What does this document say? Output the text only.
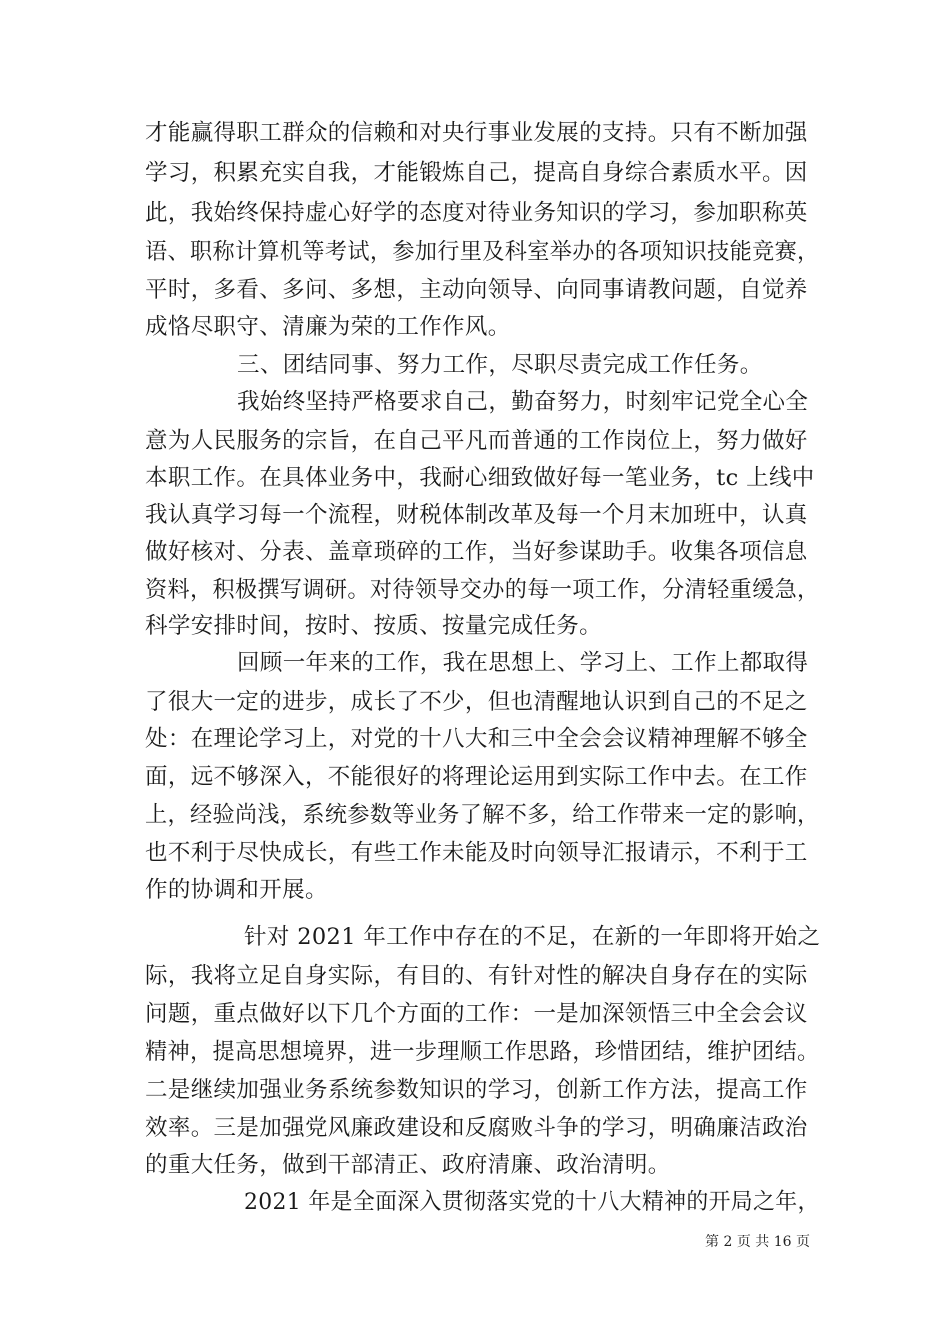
才能赢得职工群众的信赖和对央行事业发展的支持。只有不断加强
学习，积累充实自我，才能锻炼自己，提高自身综合素质水平。因
此，我始终保持虚心好学的态度对待业务知识的学习，参加职称英
语、职称计算机等考试，参加行里及科室举办的各项知识技能竞赛，
平时，多看、多问、多想，主动向领导、向同事请教问题，自觉养
成恪尽职守、清廉为荣的工作作风。
三、团结同事、努力工作，尽职尽责完成工作任务。
我始终坚持严格要求自己，勤奋努力，时刻牢记党全心全
意为人民服务的宗旨，在自己平凡而普通的工作岗位上，努力做好
本职工作。在具体业务中，我耐心细致做好每一笔业务，tc 上线中
我认真学习每一个流程，财税体制改革及每一个月末加班中，认真
做好核对、分表、盖章琐碎的工作，当好参谋助手。收集各项信息
资料，积极撰写调研。对待领导交办的每一项工作，分清轻重缓急，
科学安排时间，按时、按质、按量完成任务。
回顾一年来的工作，我在思想上、学习上、工作上都取得
了很大一定的进步，成长了不少，但也清醒地认识到自己的不足之
处：在理论学习上，对党的十八大和三中全会会议精神理解不够全
面，远不够深入，不能很好的将理论运用到实际工作中去。在工作
上，经验尚浅，系统参数等业务了解不多，给工作带来一定的影响，
也不利于尽快成长，有些工作未能及时向领导汇报请示，不利于工
作的协调和开展。
针对 2021 年工作中存在的不足，在新的一年即将开始之
际，我将立足自身实际，有目的、有针对性的解决自身存在的实际
问题，重点做好以下几个方面的工作：一是加深领悟三中全会会议
精神，提高思想境界，进一步理顺工作思路，珍惜团结，维护团结。
二是继续加强业务系统参数知识的学习，创新工作方法，提高工作
效率。三是加强党风廉政建设和反腐败斗争的学习，明确廉洁政治
的重大任务，做到干部清正、政府清廉、政治清明。
2021 年是全面深入贯彻落实党的十八大精神的开局之年，
第 2 页 共 16 页
